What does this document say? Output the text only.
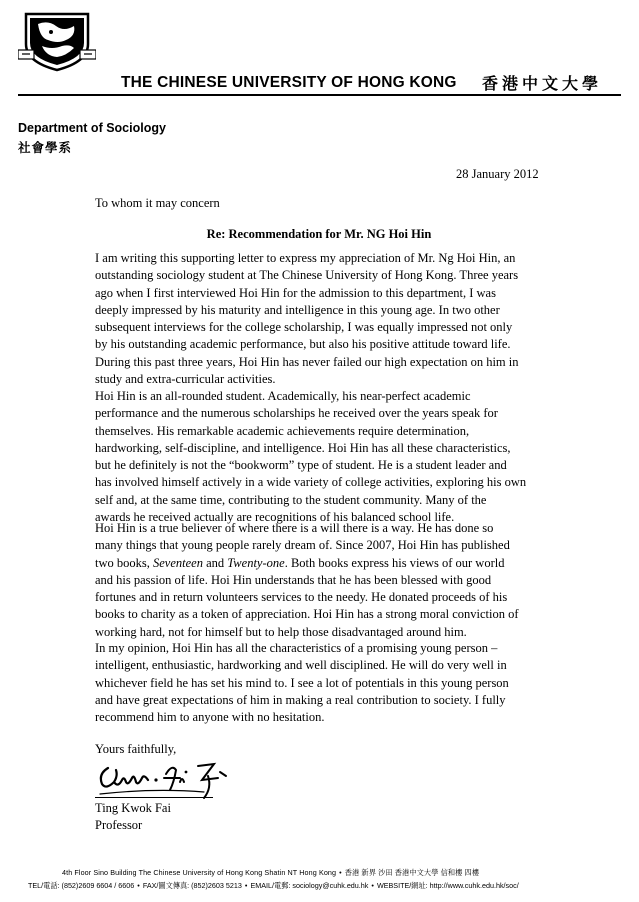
THE CHINESE UNIVERSITY OF HONG KONG 香港中文大學
Department of Sociology
社會學系
28 January 2012
To whom it may concern
Re: Recommendation for Mr. NG Hoi Hin
I am writing this supporting letter to express my appreciation of Mr. Ng Hoi Hin, an
outstanding sociology student at The Chinese University of Hong Kong. Three years
ago when I first interviewed Hoi Hin for the admission to this department, I was
deeply impressed by his maturity and intelligence in this young age. In two other
subsequent interviews for the college scholarship, I was equally impressed not only
by his outstanding academic performance, but also his positive attitude toward life.
During this past three years, Hoi Hin has never failed our high expectation on him in
study and extra-curricular activities.
Hoi Hin is an all-rounded student. Academically, his near-perfect academic
performance and the numerous scholarships he received over the years speak for
themselves. His remarkable academic achievements require determination,
hardworking, self-discipline, and intelligence. Hoi Hin has all these characteristics,
but he definitely is not the “bookworm” type of student. He is a student leader and
has involved himself actively in a wide variety of college activities, exploring his own
self and, at the same time, contributing to the student community. Many of the
awards he received actually are recognitions of his balanced school life.
Hoi Hin is a true believer of where there is a will there is a way. He has done so
many things that young people rarely dream of. Since 2007, Hoi Hin has published
two books, Seventeen and Twenty-one. Both books express his views of our world
and his passion of life. Hoi Hin understands that he has been blessed with good
fortunes and in return volunteers services to the needy. He donated proceeds of his
books to charity as a token of appreciation. Hoi Hin has a strong moral conviction of
working hard, not for himself but to help those disadvantaged around him.
In my opinion, Hoi Hin has all the characteristics of a promising young person –
intelligent, enthusiastic, hardworking and well disciplined. He will do very well in
whichever field he has set his mind to. I see a lot of potentials in this young person
and have great expectations of him in making a real contribution to society. I fully
recommend him to anyone with no hesitation.
Yours faithfully,
Ting Kwok Fai
Professor
4th Floor Sino Building The Chinese University of Hong Kong Shatin NT Hong Kong • 香港 新界 沙田 香港中文大學 信和樓 四樓
TEL/電話: (852)2609 6604 / 6606 • FAX/圖文傳真: (852)2603 5213 • EMAIL/電郵: sociology@cuhk.edu.hk • WEBSITE/網址: http://www.cuhk.edu.hk/soc/
